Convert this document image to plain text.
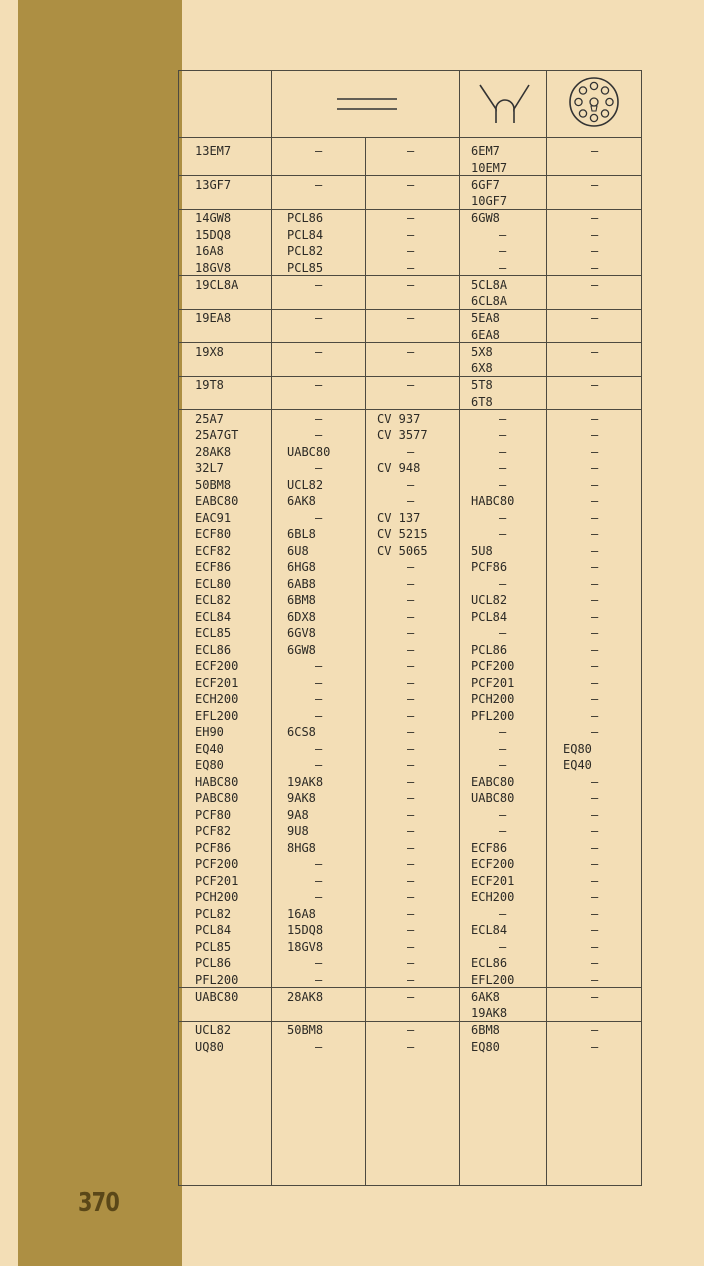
370
13EM7	–	–	6EM7	–
10EM7
13GF7	–	–	6GF7	–
10GF7
14GW8	PCL86	–	6GW8	–
15DQ8	PCL84	–	–	–
16A8	PCL82	–	–	–
18GV8	PCL85	–	–	–
19CL8A	–	–	5CL8A	–
6CL8A
19EA8	–	–	5EA8	–
6EA8
19X8	–	–	5X8	–
6X8
19T8	–	–	5T8	–
6T8
25A7	–	CV 937	–	–
25A7GT	–	CV 3577	–	–
28AK8	UABC80	–	–	–
32L7	–	CV 948	–	–
50BM8	UCL82	–	–	–
EABC80	6AK8	–	HABC80	–
EAC91	–	CV 137	–	–
ECF80	6BL8	CV 5215	–	–
ECF82	6U8	CV 5065	5U8	–
ECF86	6HG8	–	PCF86	–
ECL80	6AB8	–	–	–
ECL82	6BM8	–	UCL82	–
ECL84	6DX8	–	PCL84	–
ECL85	6GV8	–	–	–
ECL86	6GW8	–	PCL86	–
ECF200	–	–	PCF200	–
ECF201	–	–	PCF201	–
ECH200	–	–	PCH200	–
EFL200	–	–	PFL200	–
EH90	6CS8	–	–	–
EQ40	–	–	–	EQ80
EQ80	–	–	–	EQ40
HABC80	19AK8	–	EABC80	–
PABC80	9AK8	–	UABC80	–
PCF80	9A8	–	–	–
PCF82	9U8	–	–	–
PCF86	8HG8	–	ECF86	–
PCF200	–	–	ECF200	–
PCF201	–	–	ECF201	–
PCH200	–	–	ECH200	–
PCL82	16A8	–	–	–
PCL84	15DQ8	–	ECL84	–
PCL85	18GV8	–	–	–
PCL86	–	–	ECL86	–
PFL200	–	–	EFL200	–
UABC80	28AK8	–	6AK8	–
19AK8
UCL82	50BM8	–	6BM8	–
UQ80	–	–	EQ80	–
